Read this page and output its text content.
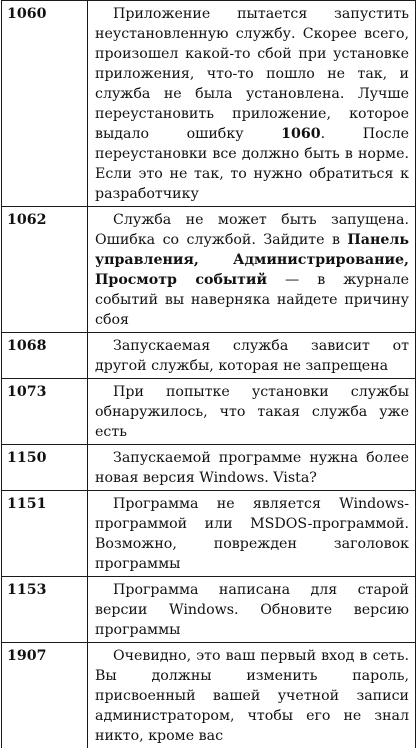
1060	Приложение пытается запустить неустановленную службу. Скорее всего, произошел какой-то сбой при установке приложения, что-то пошло не так, и служба не была установлена. Лучше переустановить приложение, которое выдало ошибку 1060. После переустановки все должно быть в норме. Если это не так, то нужно обратиться к разработчику

1062	Служба не может быть запущена. Ошибка со службой. Зайдите в Панель управления, Администрирование, Просмотр событий — в журнале событий вы наверняка найдете причину сбоя

1068	Запускаемая служба зависит от другой службы, которая не запрещена

1073	При попытке установки службы обнаружилось, что такая служба уже есть

1150	Запускаемой программе нужна более новая версия Windows. Vista?

1151	Программа не является Windows-программой или MSDOS-программой. Возможно, поврежден заголовок программы

1153	Программа написана для старой версии Windows. Обновите версию программы

1907	Очевидно, это ваш первый вход в сеть. Вы должны изменить пароль, присвоенный вашей учетной записи администратором, чтобы его не знал никто, кроме вас
